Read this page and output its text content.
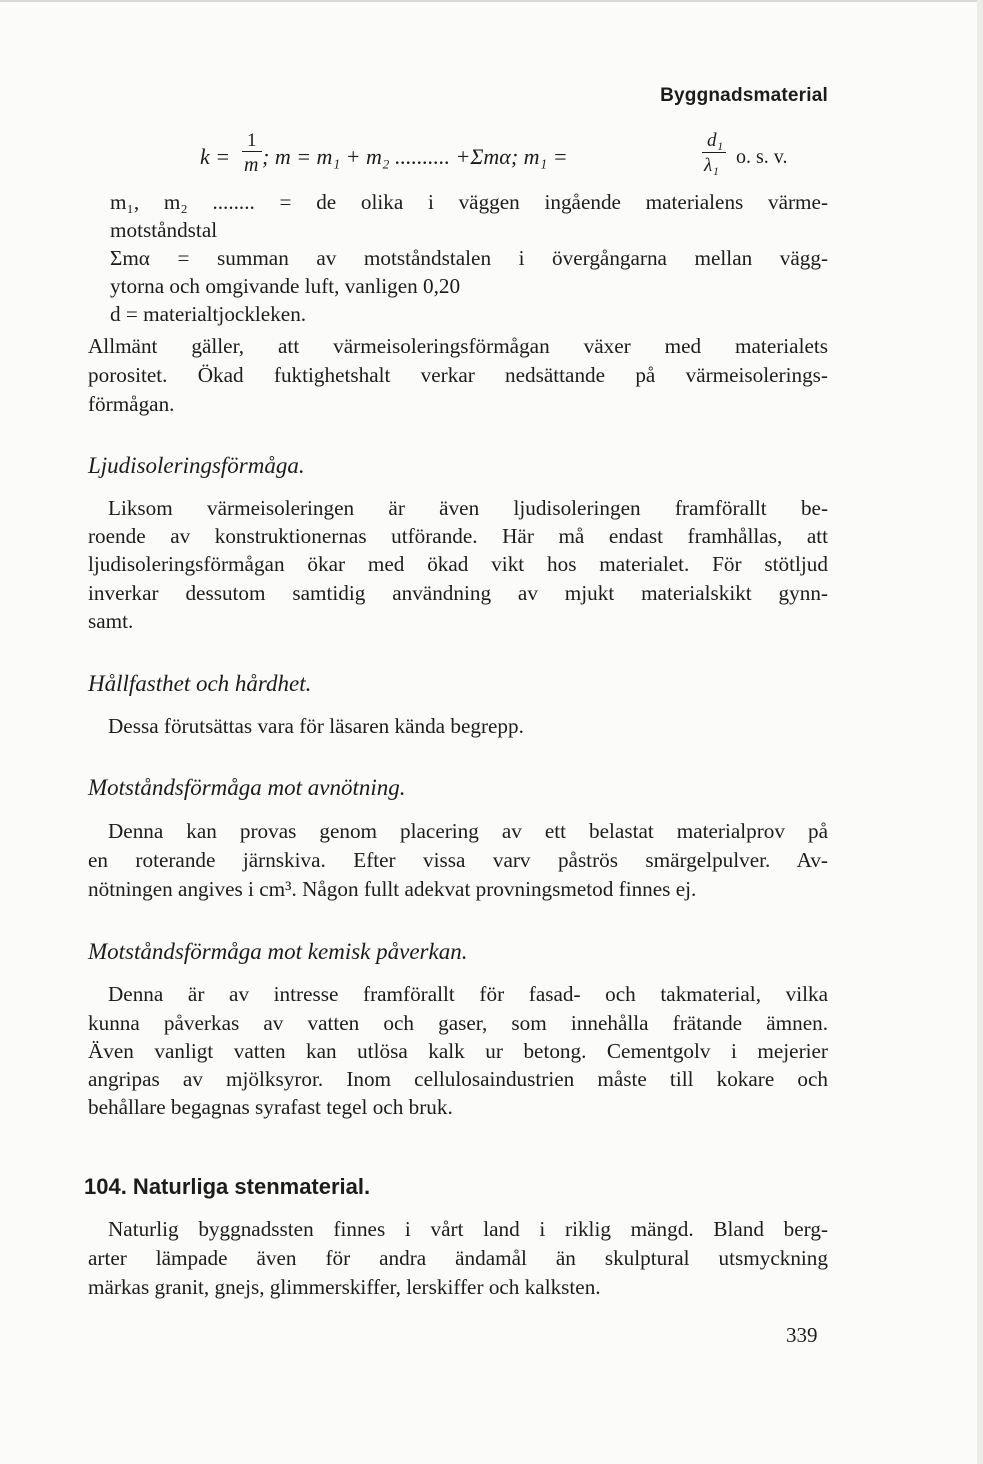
Byggnadsmaterial
k =
1
m ; m = m₁ + m₂ .......... +Σmα; m₁ =
d₁
λ₁ o. s. v.
m₁, m₂ ........ = de olika i väggen ingående materialens värme-
motståndstal
Σmα = summan av motståndstalen i övergångarna mellan vägg-
ytorna och omgivande luft, vanligen 0,20
d = materialtjockleken.
Allmänt gäller, att värmeisoleringsförmågan växer med materialets
porositet. Ökad fuktighetshalt verkar nedsättande på värmeisolerings-
förmågan.
Ljudisoleringsförmåga.
Liksom värmeisoleringen är även ljudisoleringen framförallt be-
roende av konstruktionernas utförande. Här må endast framhållas, att
ljudisoleringsförmågan ökar med ökad vikt hos materialet. För stötljud
inverkar dessutom samtidig användning av mjukt materialskikt gynn-
samt.
Hållfasthet och hårdhet.
Dessa förutsättas vara för läsaren kända begrepp.
Motståndsförmåga mot avnötning.
Denna kan provas genom placering av ett belastat materialprov på
en roterande järnskiva. Efter vissa varv påströs smärgelpulver. Av-
nötningen angives i cm³. Någon fullt adekvat provningsmetod finnes ej.
Motståndsförmåga mot kemisk påverkan.
Denna är av intresse framförallt för fasad- och takmaterial, vilka
kunna påverkas av vatten och gaser, som innehålla frätande ämnen.
Även vanligt vatten kan utlösa kalk ur betong. Cementgolv i mejerier
angripas av mjölksyror. Inom cellulosaindustrien måste till kokare och
behållare begagnas syrafast tegel och bruk.
104. Naturliga stenmaterial.
Naturlig byggnadssten finnes i vårt land i riklig mängd. Bland berg-
arter lämpade även för andra ändamål än skulptural utsmyckning
märkas granit, gnejs, glimmerskiffer, lerskiffer och kalksten.
339
